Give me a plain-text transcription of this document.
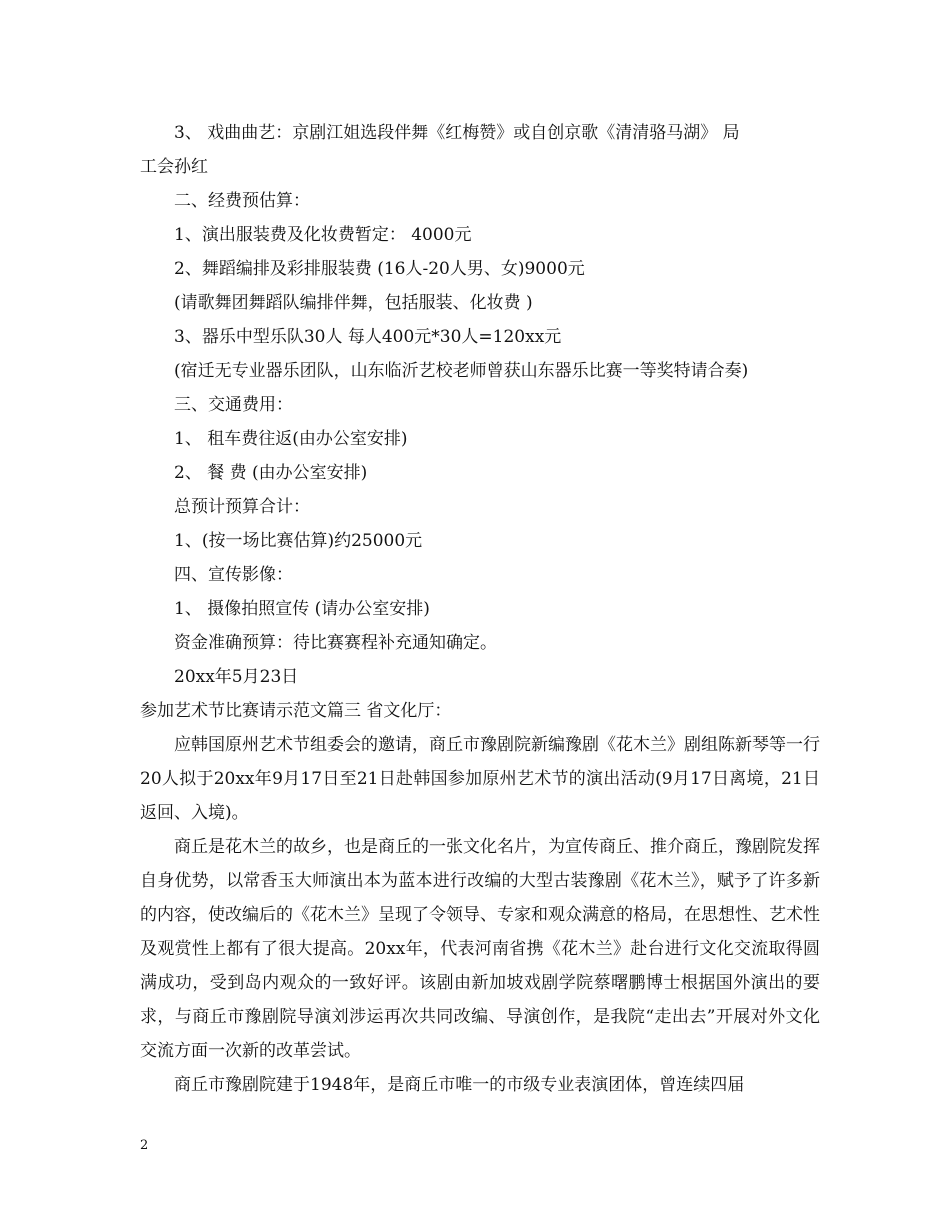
3、 戏曲曲艺：京剧江姐选段伴舞《红梅赞》或自创京歌《清清骆马湖》 局

工会孙红

二、经费预估算：

1、演出服装费及化妆费暂定： 4000元

2、舞蹈编排及彩排服装费 (16人-20人男、女)9000元

(请歌舞团舞蹈队编排伴舞，包括服装、化妆费 )

3、器乐中型乐队30人 每人400元*30人=120xx元

(宿迁无专业器乐团队，山东临沂艺校老师曾获山东器乐比赛一等奖特请合奏)

三、交通费用：

1、 租车费往返(由办公室安排)

2、 餐 费 (由办公室安排)

总预计预算合计：

1、(按一场比赛估算)约25000元

四、宣传影像：

1、 摄像拍照宣传 (请办公室安排)

资金准确预算：待比赛赛程补充通知确定。

20xx年5月23日

参加艺术节比赛请示范文篇三 省文化厅：

应韩国原州艺术节组委会的邀请，商丘市豫剧院新编豫剧《花木兰》剧组陈新琴等一行20人拟于20xx年9月17日至21日赴韩国参加原州艺术节的演出活动(9月17日离境，21日返回、入境)。

商丘是花木兰的故乡，也是商丘的一张文化名片，为宣传商丘、推介商丘，豫剧院发挥自身优势，以常香玉大师演出本为蓝本进行改编的大型古装豫剧《花木兰》，赋予了许多新的内容，使改编后的《花木兰》呈现了令领导、专家和观众满意的格局，在思想性、艺术性及观赏性上都有了很大提高。20xx年，代表河南省携《花木兰》赴台进行文化交流取得圆满成功，受到岛内观众的一致好评。该剧由新加坡戏剧学院蔡曙鹏博士根据国外演出的要求，与商丘市豫剧院导演刘涉运再次共同改编、导演创作，是我院“走出去”开展对外文化交流方面一次新的改革尝试。

商丘市豫剧院建于1948年，是商丘市唯一的市级专业表演团体，曾连续四届

2
